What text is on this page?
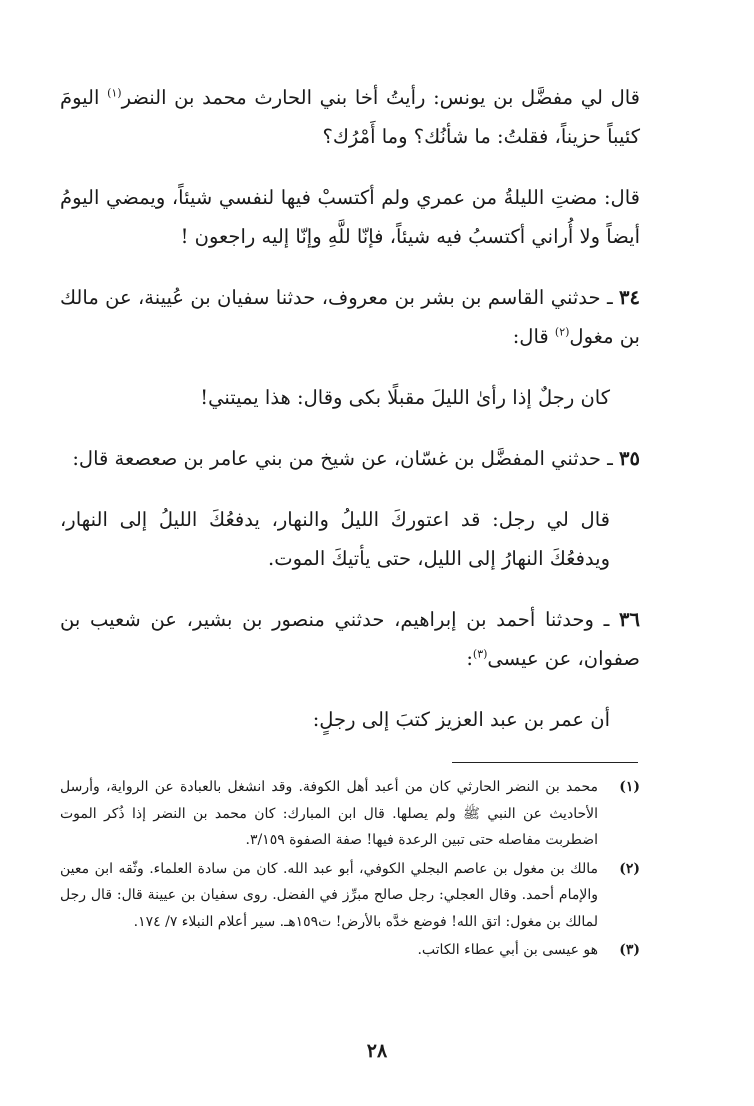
قال لي مفضَّل بن يونس: رأيتُ أخا بني الحارث محمد بن النضر$^{(١)}$ اليومَ كئيباً حزيناً، فقلتُ: ما شأنُك؟ وما أَمْرُك؟

قال: مضتِ الليلةُ من عمري ولم أكتسبْ فيها لنفسي شيئاً، ويمضي اليومُ أيضاً ولا أُراني أكتسبُ فيه شيئاً، فإنّا للَّهِ وإنّا إليه راجعون !

٣٤ ـ حدثني القاسم بن بشر بن معروف، حدثنا سفيان بن عُيينة، عن مالك بن مغول$^{(٢)}$ قال:

كان رجلٌ إذا رأىٰ الليلَ مقبلًا بكى وقال: هذا يميتني!

٣٥ ـ حدثني المفضَّل بن غسّان، عن شيخ من بني عامر بن صعصعة قال:

قال لي رجل: قد اعتوركَ الليلُ والنهار، يدفعُكَ الليلُ إلى النهار، ويدفعُكَ النهارُ إلى الليل، حتى يأتيكَ الموت.

٣٦ ـ وحدثنا أحمد بن إبراهيم، حدثني منصور بن بشير، عن شعيب بن صفوان، عن عيسى$^{(٣)}$:

أن عمر بن عبد العزيز كتبَ إلى رجلٍ:

(١)
محمد بن النضر الحارثي كان من أعبد أهل الكوفة. وقد انشغل بالعبادة عن الرواية، وأرسل الأحاديث عن النبي ﷺ ولم يصلها. قال ابن المبارك: كان محمد بن النضر إذا ذُكر الموت اضطربت مفاصله حتى تبين الرعدة فيها! صفة الصفوة ٣/١٥٩.
(٢)
مالك بن مغول بن عاصم البجلي الكوفي، أبو عبد الله. كان من سادة العلماء. وثّقه ابن معين والإمام أحمد. وقال العجلي: رجل صالح مبرِّز في الفضل. روى سفيان بن عيينة قال: قال رجل لمالك بن مغول: اتق الله! فوضع خدَّه بالأرض! ت١٥٩هـ. سير أعلام النبلاء ٧/ ١٧٤.
(٣)
هو عيسى بن أبي عطاء الكاتب.
٢٨
